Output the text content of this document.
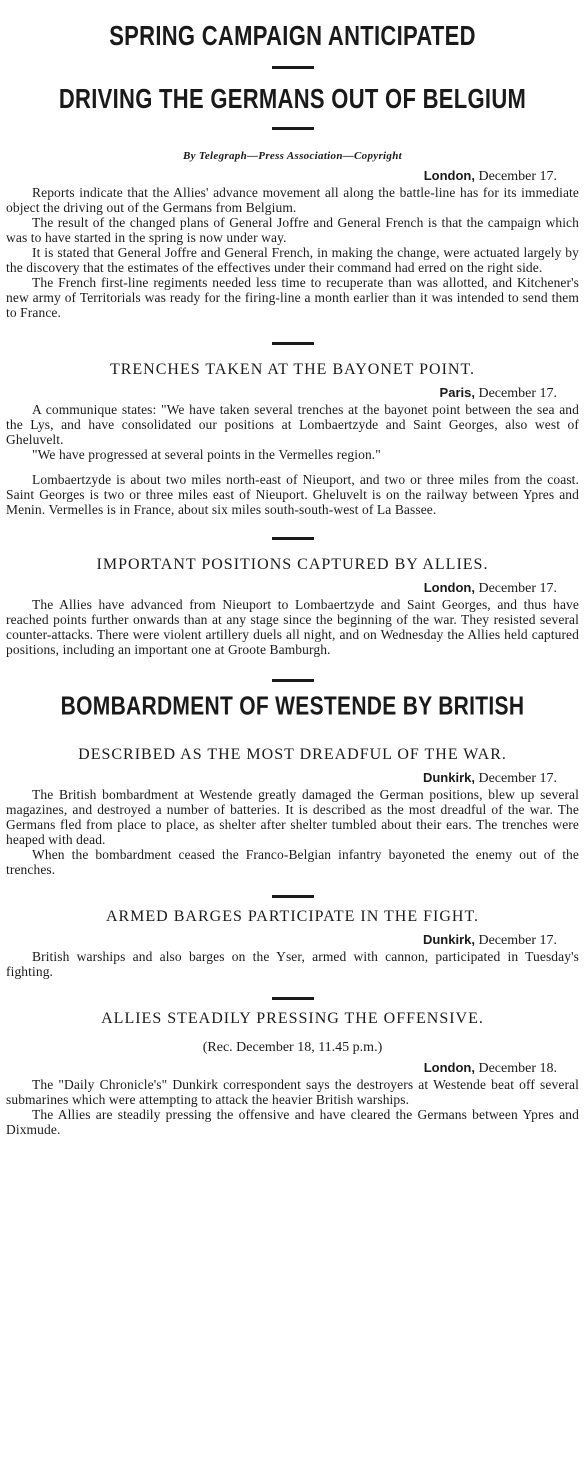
SPRING CAMPAIGN ANTICIPATED
DRIVING THE GERMANS OUT OF BELGIUM
By Telegraph—Press Association—Copyright
London, December 17.

Reports indicate that the Allies' advance movement all along the battle-line has for its immediate object the driving out of the Germans from Belgium.

The result of the changed plans of General Joffre and General French is that the campaign which was to have started in the spring is now under way.

It is stated that General Joffre and General French, in making the change, were actuated largely by the discovery that the estimates of the effectives under their command had erred on the right side.

The French first-line regiments needed less time to recuperate than was allotted, and Kitchener's new army of Territorials was ready for the firing-line a month earlier than it was intended to send them to France.

TRENCHES TAKEN AT THE BAYONET POINT.
Paris, December 17.

A communique states: "We have taken several trenches at the bayonet point between the sea and the Lys, and have consolidated our positions at Lombaertzyde and Saint Georges, also west of Gheluvelt.

"We have progressed at several points in the Vermelles region."

Lombaertzyde is about two miles north-east of Nieuport, and two or three miles from the coast. Saint Georges is two or three miles east of Nieuport. Gheluvelt is on the railway between Ypres and Menin. Vermelles is in France, about six miles south-south-west of La Bassee.

IMPORTANT POSITIONS CAPTURED BY ALLIES.
London, December 17.

The Allies have advanced from Nieuport to Lombaertzyde and Saint Georges, and thus have reached points further onwards than at any stage since the beginning of the war. They resisted several counter-attacks. There were violent artillery duels all night, and on Wednesday the Allies held captured positions, including an important one at Groote Bamburgh.

BOMBARDMENT OF WESTENDE BY BRITISH
DESCRIBED AS THE MOST DREADFUL OF THE WAR.
Dunkirk, December 17.

The British bombardment at Westende greatly damaged the German positions, blew up several magazines, and destroyed a number of batteries. It is described as the most dreadful of the war. The Germans fled from place to place, as shelter after shelter tumbled about their ears. The trenches were heaped with dead.

When the bombardment ceased the Franco-Belgian infantry bayoneted the enemy out of the trenches.

ARMED BARGES PARTICIPATE IN THE FIGHT.
Dunkirk, December 17.

British warships and also barges on the Yser, armed with cannon, participated in Tuesday's fighting.

ALLIES STEADILY PRESSING THE OFFENSIVE.
(Rec. December 18, 11.45 p.m.)
London, December 18.

The "Daily Chronicle's" Dunkirk correspondent says the destroyers at Westende beat off several submarines which were attempting to attack the heavier British warships.

The Allies are steadily pressing the offensive and have cleared the Germans between Ypres and Dixmude.
